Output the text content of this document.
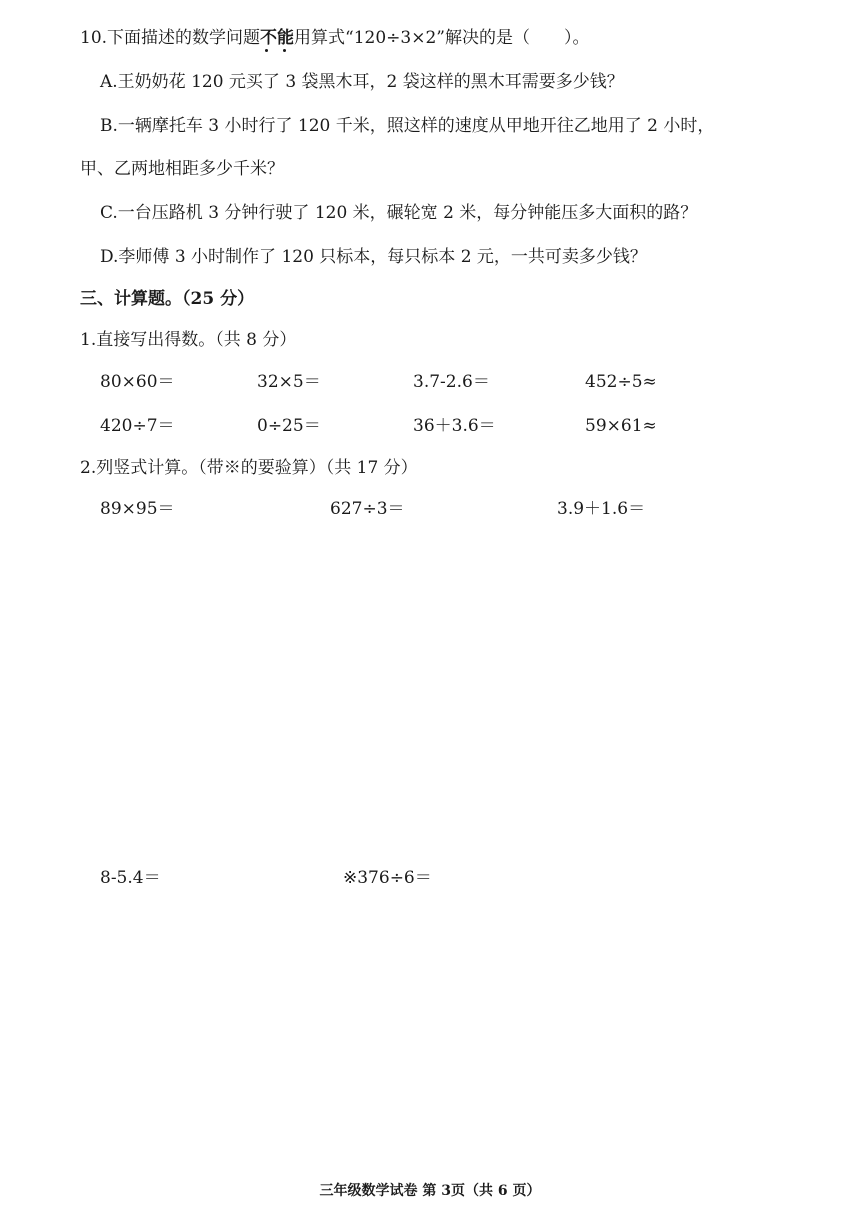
10.下面描述的数学问题不能用算式“120÷3×2”解决的是（　　）。
A.王奶奶花 120 元买了 3 袋黑木耳，2 袋这样的黑木耳需要多少钱？
B.一辆摩托车 3 小时行了 120 千米，照这样的速度从甲地开往乙地用了 2 小时，
甲、乙两地相距多少千米？
C.一台压路机 3 分钟行驶了 120 米，碾轮宽 2 米，每分钟能压多大面积的路？
D.李师傅 3 小时制作了 120 只标本，每只标本 2 元，一共可卖多少钱？
三、计算题。（25 分）
1.直接写出得数。（共 8 分）
80×60＝	32×5＝	3.7-2.6＝	452÷5≈
420÷7＝	0÷25＝	36＋3.6＝	59×61≈
2.列竖式计算。（带※的要验算）（共 17 分）
89×95＝	627÷3＝	3.9＋1.6＝
8-5.4＝	※376÷6＝
三年级数学试卷 第 3页（共 6 页）
